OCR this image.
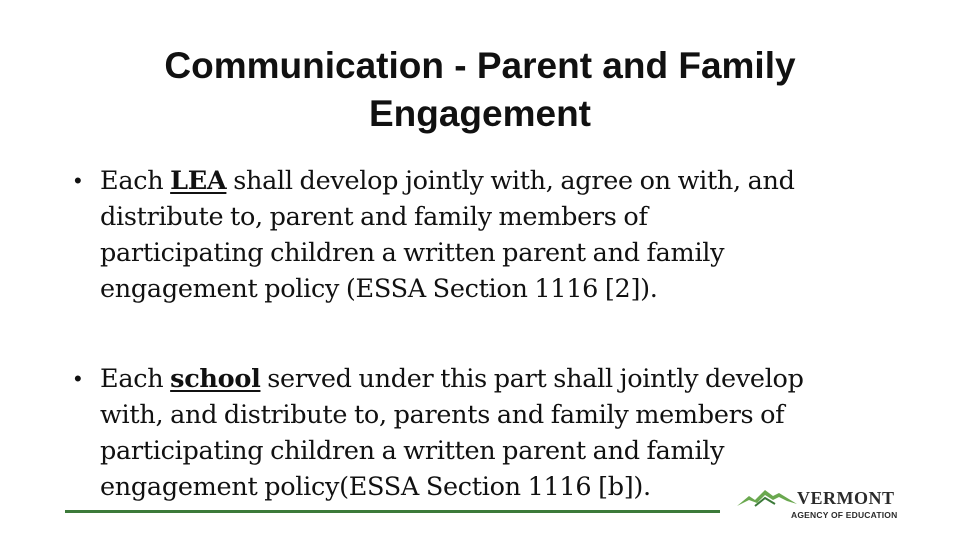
Communication - Parent and Family
Engagement
• Each LEA shall develop jointly with, agree on with, and
distribute to, parent and family members of
participating children a written parent and family
engagement policy (ESSA Section 1116 [2]).
• Each school served under this part shall jointly develop
with, and distribute to, parents and family members of
participating children a written parent and family
engagement policy(ESSA Section 1116 [b]).	VERMONT
AGENCY OF EDUCATION
